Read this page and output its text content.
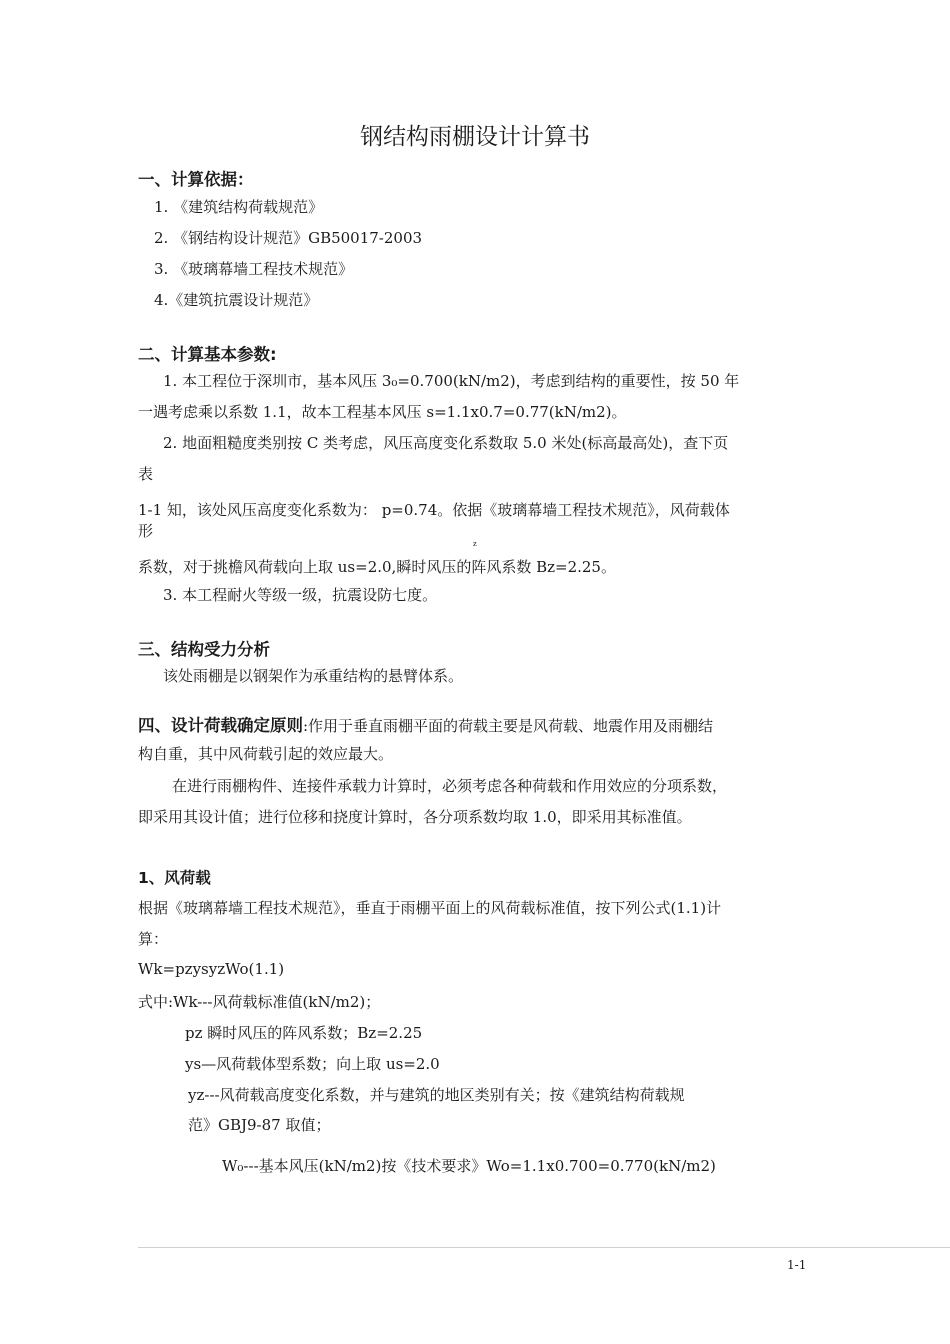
钢结构雨棚设计计算书
一、计算依据：
1. 《建筑结构荷载规范》
2. 《钢结构设计规范》GB50017-2003
3. 《玻璃幕墙工程技术规范》
4.《建筑抗震设计规范》
二、计算基本参数:
1. 本工程位于深圳市，基本风压 3₀=0.700(kN/m2)，考虑到结构的重要性，按 50 年
一遇考虑乘以系数 1.1，故本工程基本风压 s=1.1x0.7=0.77(kN/m2)。
2. 地面粗糙度类别按 C 类考虑，风压高度变化系数取 5.0 米处(标高最高处)，查下页
表
1-1 知，该处风压高度变化系数为： p=0.74。依据《玻璃幕墙工程技术规范》，风荷载体
形
z
系数，对于挑檐风荷载向上取 us=2.0,瞬时风压的阵风系数 Bz=2.25。
3. 本工程耐火等级一级，抗震设防七度。
三、结构受力分析
该处雨棚是以钢架作为承重结构的悬臂体系。
四、设计荷载确定原则:作用于垂直雨棚平面的荷载主要是风荷载、地震作用及雨棚结
构自重，其中风荷载引起的效应最大。
在进行雨棚构件、连接件承载力计算时，必须考虑各种荷载和作用效应的分项系数，
即采用其设计值；进行位移和挠度计算时，各分项系数均取 1.0，即采用其标准值。
1、风荷载
根据《玻璃幕墙工程技术规范》，垂直于雨棚平面上的风荷载标准值，按下列公式(1.1)计
算：
Wk=pzysyzWo(1.1)
式中:Wk---风荷载标准值(kN/m2)；
pz 瞬时风压的阵风系数；Bz=2.25
ys—风荷载体型系数；向上取 us=2.0
yz---风荷载高度变化系数，并与建筑的地区类别有关；按《建筑结构荷载规
范》GBJ9-87 取值；
W₀---基本风压(kN/m2)按《技术要求》Wo=1.1x0.700=0.770(kN/m2)
1-1
